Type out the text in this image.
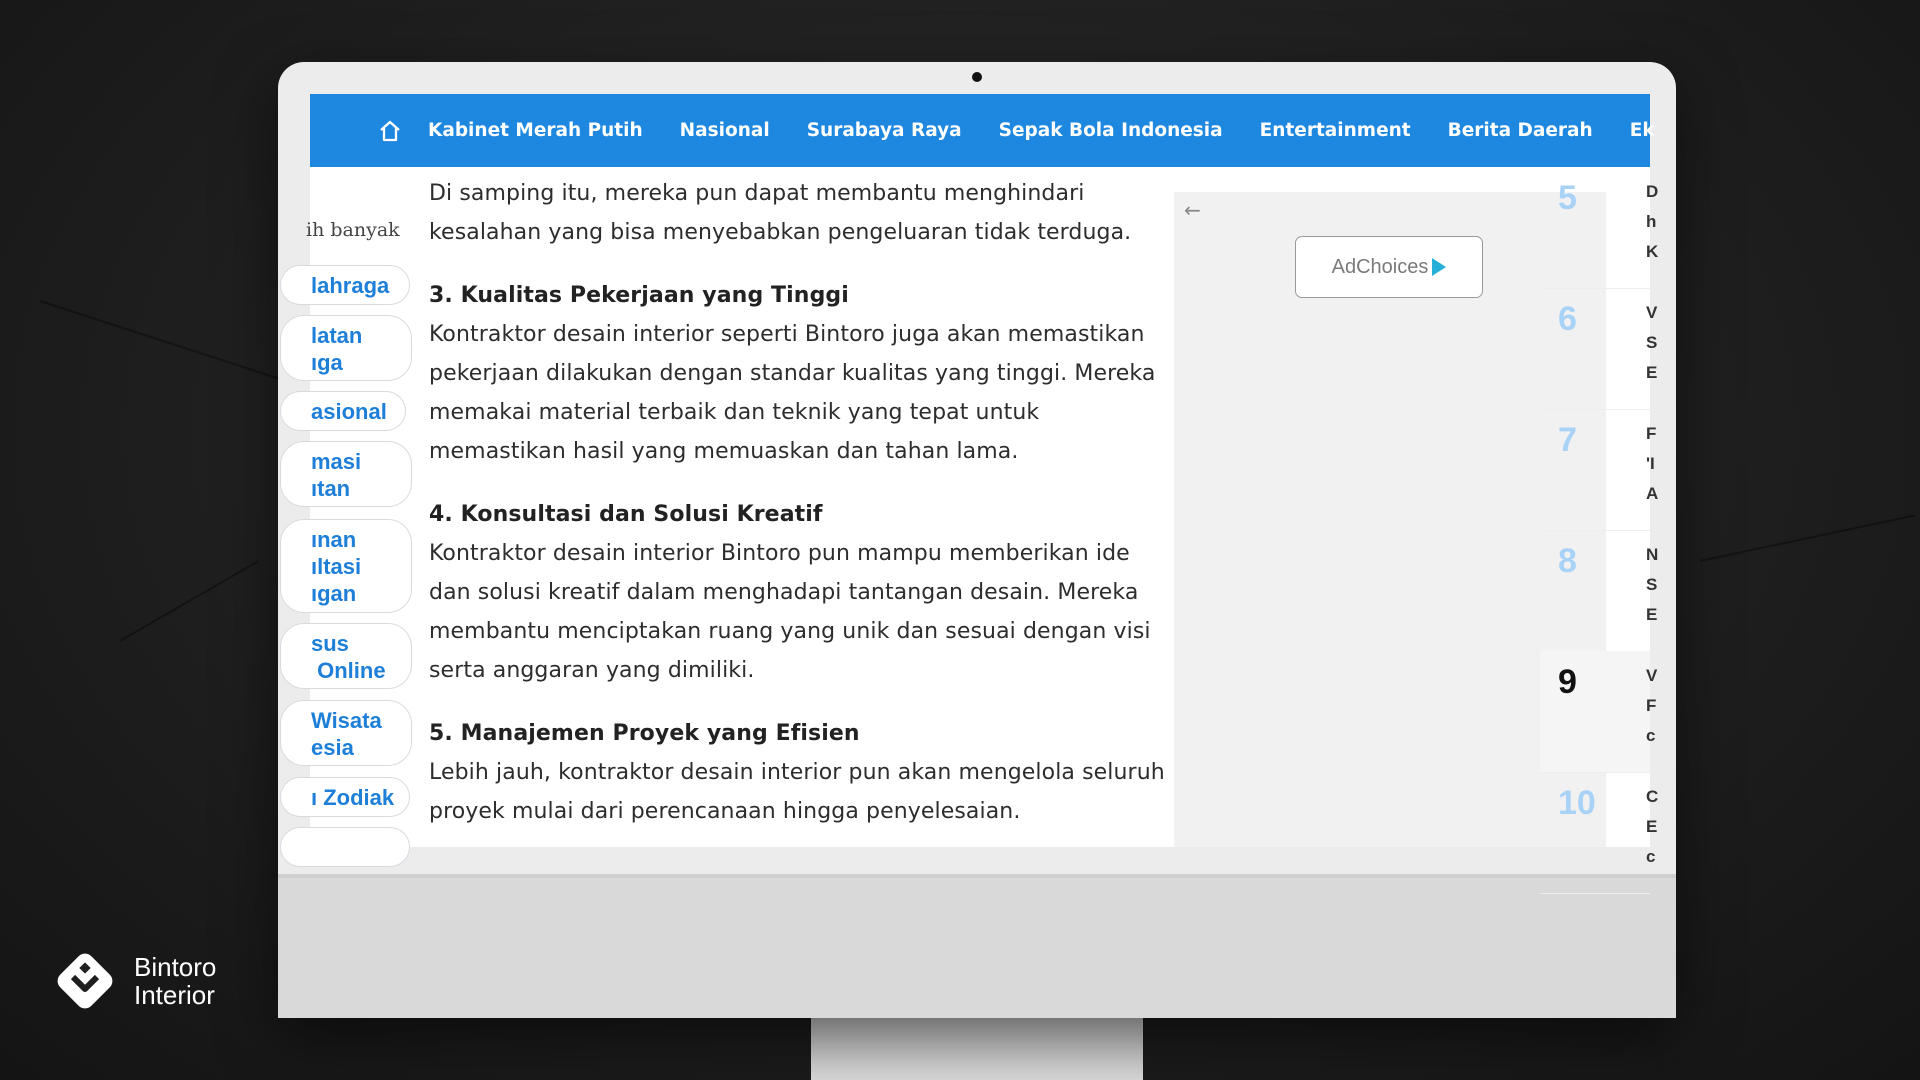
Kabinet Merah Putih Nasional Surabaya Raya Sepak Bola Indonesia Entertainment Berita Daerah Ek
ih banyak
lahraga
latan
ıga
asional
masi
ıtan
ınan
ıltasi
ıgan
sus
Online
Wisata
esia
ı Zodiak

Di samping itu, mereka pun dapat membantu menghindari kesalahan yang bisa menyebabkan pengeluaran tidak terduga.

3. Kualitas Pekerjaan yang Tinggi

Kontraktor desain interior seperti Bintoro juga akan memastikan pekerjaan dilakukan dengan standar kualitas yang tinggi. Mereka memakai material terbaik dan teknik yang tepat untuk memastikan hasil yang memuaskan dan tahan lama.

4. Konsultasi dan Solusi Kreatif

Kontraktor desain interior Bintoro pun mampu memberikan ide dan solusi kreatif dalam menghadapi tantangan desain. Mereka membantu menciptakan ruang yang unik dan sesuai dengan visi serta anggaran yang dimiliki.

5. Manajemen Proyek yang Efisien

Lebih jauh, kontraktor desain interior pun akan mengelola seluruh proyek mulai dari perencanaan hingga penyelesaian.

←
AdChoices
5	D
h
K
6	V
S
E
7	F
'I
A
8	N
S
E
9	V
F
c
10	C
E
c
Bintoro
Interior
